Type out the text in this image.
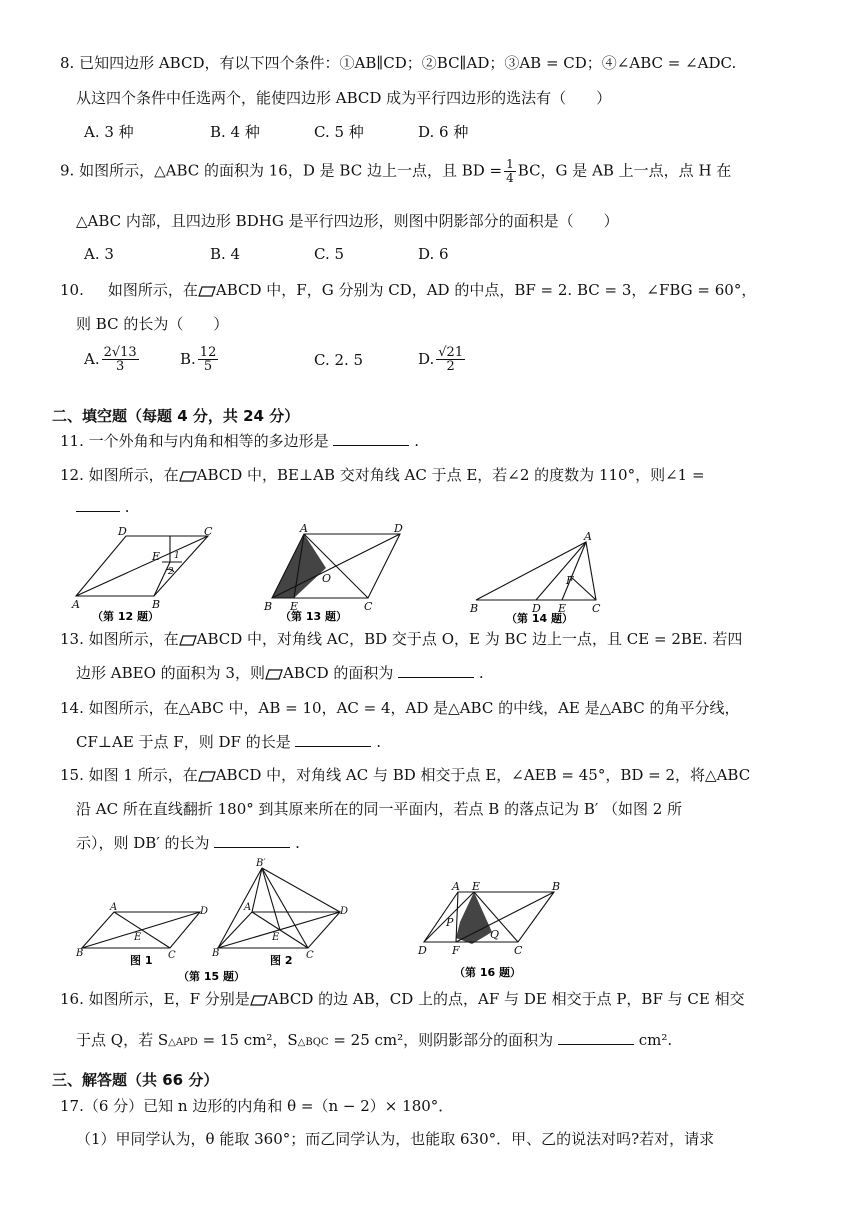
8. 已知四边形 ABCD，有以下四个条件：①AB∥CD；②BC∥AD；③AB = CD；④∠ABC = ∠ADC.
从这四个条件中任选两个，能使四边形 ABCD 成为平行四边形的选法有（　　）
A. 3 种	B. 4 种	C. 5 种	D. 6 种
9. 如图所示，△ABC 的面积为 16，D 是 BC 边上一点，且 BD = $\frac{1}{4}$ BC，G 是 AB 上一点，点 H 在
△ABC 内部，且四边形 BDHG 是平行四边形，则图中阴影部分的面积是（　　）
A. 3	B. 4	C. 5	D. 6
10. 如图所示，在 ABCD 中，F，G 分别为 CD，AD 的中点，BF = 2. BC = 3，∠FBG = 60°，
则 BC 的长为（　　）
A. $\frac{2√13}{3}$	B. $\frac{12}{5}$	C. 2. 5	D. $\frac{√21}{2}$
二、填空题（每题 4 分，共 24 分）
11. 一个外角和与内角和相等的多边形是	.
12. 如图所示，在 ABCD 中，BE⊥AB 交对角线 AC 于点 E，若∠2 的度数为 110°，则∠1 =
.
D	C
E 1
2
A	B
（第 12 题）
A	D
O
B E	C
（第 13 题）
A
F
B	D E C
（第 14 题）
13. 如图所示，在 ABCD 中，对角线 AC，BD 交于点 O，E 为 BC 边上一点，且 CE = 2BE. 若四
边形 ABEO 的面积为 3，则 ABCD 的面积为	.
14. 如图所示，在△ABC 中，AB = 10，AC = 4，AD 是△ABC 的中线，AE 是△ABC 的角平分线，
CF⊥AE 于点 F，则 DF 的长是	.
15. 如图 1 所示，在 ABCD 中，对角线 AC 与 BD 相交于点 E，∠AEB = 45°，BD = 2，将△ABC
沿 AC 所在直线翻折 180° 到其原来所在的同一平面内，若点 B 的落点记为 B′ （如图 2 所
示），则 DB′ 的长为	.
A	D
E
B	C
B′
A	D
E
B	C
图 1	图 2
（第 15 题）
A E	B
P
Q
D F	C
（第 16 题）
16. 如图所示，E，F 分别是 ABCD 的边 AB，CD 上的点，AF 与 DE 相交于点 P，BF 与 CE 相交
于点 Q，若 S△APD = 15 cm²，S△BQC = 25 cm²，则阴影部分的面积为	cm².
三、解答题（共 66 分）
17.（6 分）已知 n 边形的内角和 θ =（n − 2）× 180°．
（1）甲同学认为，θ 能取 360°；而乙同学认为，也能取 630°．甲、乙的说法对吗?若对，请求
